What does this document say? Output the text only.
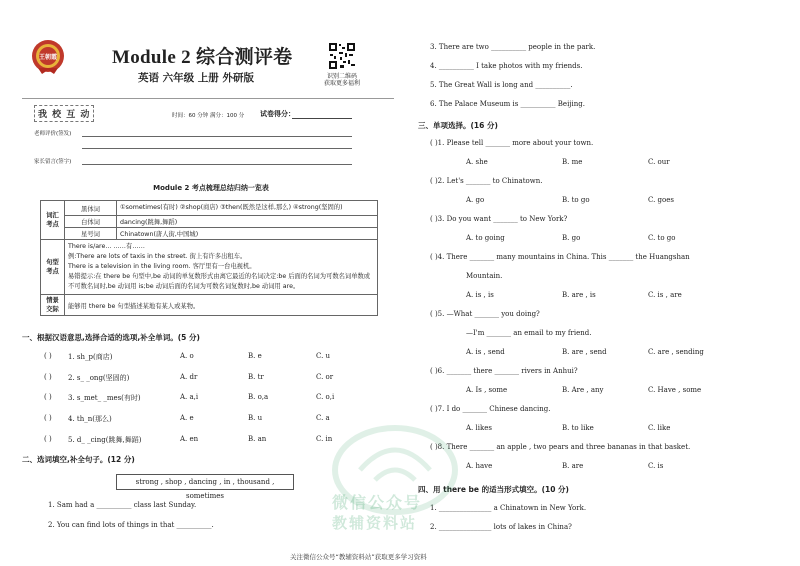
王朝霞	Module 2 综合测评卷
英语 六年级 上册 外研版	识别二维码
获取更多福利
我 校 互 动	时间：60 分钟 满分：100 分 试卷得分：
老师评价(签发)
家长留言(签字)
Module 2 考点梳理总结归纳一览表
词汇考点	黑体词	①sometimes(有时) ②shop(商店) ③then(既然是这样,那么) ④strong(坚固的)
	白体词	dancing(跳舞,舞蹈)
	星号词	Chinatown(唐人街,中国城)
句型考点	There is/are... ……有……
例:There are lots of taxis in the street. 街上有许多出租车。
There is a television in the living room. 客厅里有一台电视机。
易错提示:在 there be 句型中,be 动词的单复数形式由离它最近的名词决定:be 后面的名词为可数名词单数或不可数名词时,be 动词用 is;be 动词后面的名词为可数名词复数时,be 动词用 are。	

情景交际	能够用 there be 句型描述某地有某人或某物。	
一、根据汉语意思,选择合适的选项,补全单词。(5 分)
( ) 1. sh_p(商店)	A. o	B. e	C. u
( ) 2. s_ _ong(坚固的)	A. dr	B. tr	C. or
( ) 3. s_met_ _mes(有时)	A. a,i	B. o,a	C. o,i
( ) 4. th_n(那么)	A. e	B. u	C. a
( ) 5. d_ _cing(跳舞,舞蹈)	A. en	B. an	C. in
二、选词填空,补全句子。(12 分)
strong , shop , dancing , in , thousand , sometimes
1. Sam had a __________ class last Sunday.
2. You can find lots of things in that __________.
3. There are two __________ people in the park.
4. __________ I take photos with my friends.
5. The Great Wall is long and __________.
6. The Palace Museum is __________ Beijing.
三、单项选择。(16 分)
( )1. Please tell _______ more about your town.
A. she	B. me	C. our
( )2. Let's _______ to Chinatown.
A. go	B. to go	C. goes
( )3. Do you want _______ to New York?
A. to going	B. go	C. to go
( )4. There _______ many mountains in China. This _______ the Huangshan
Mountain.
A. is , is	B. are , is	C. is , are
( )5. —What _______ you doing?
—I'm _______ an email to my friend.
A. is , send	B. are , send	C. are , sending
( )6. _______ there _______ rivers in Anhui?
A. Is , some	B. Are , any	C. Have , some
( )7. I do _______ Chinese dancing.
A. likes	B. to like	C. like
( )8. There _______ an apple , two pears and three bananas in that basket.
A. have	B. are	C. is
四、用 there be 的适当形式填空。(10 分)
1. _______________ a Chinatown in New York.
2. _______________ lots of lakes in China?
微信公众号
教辅资料站
关注微信公众号“教辅资料站”获取更多学习资料
